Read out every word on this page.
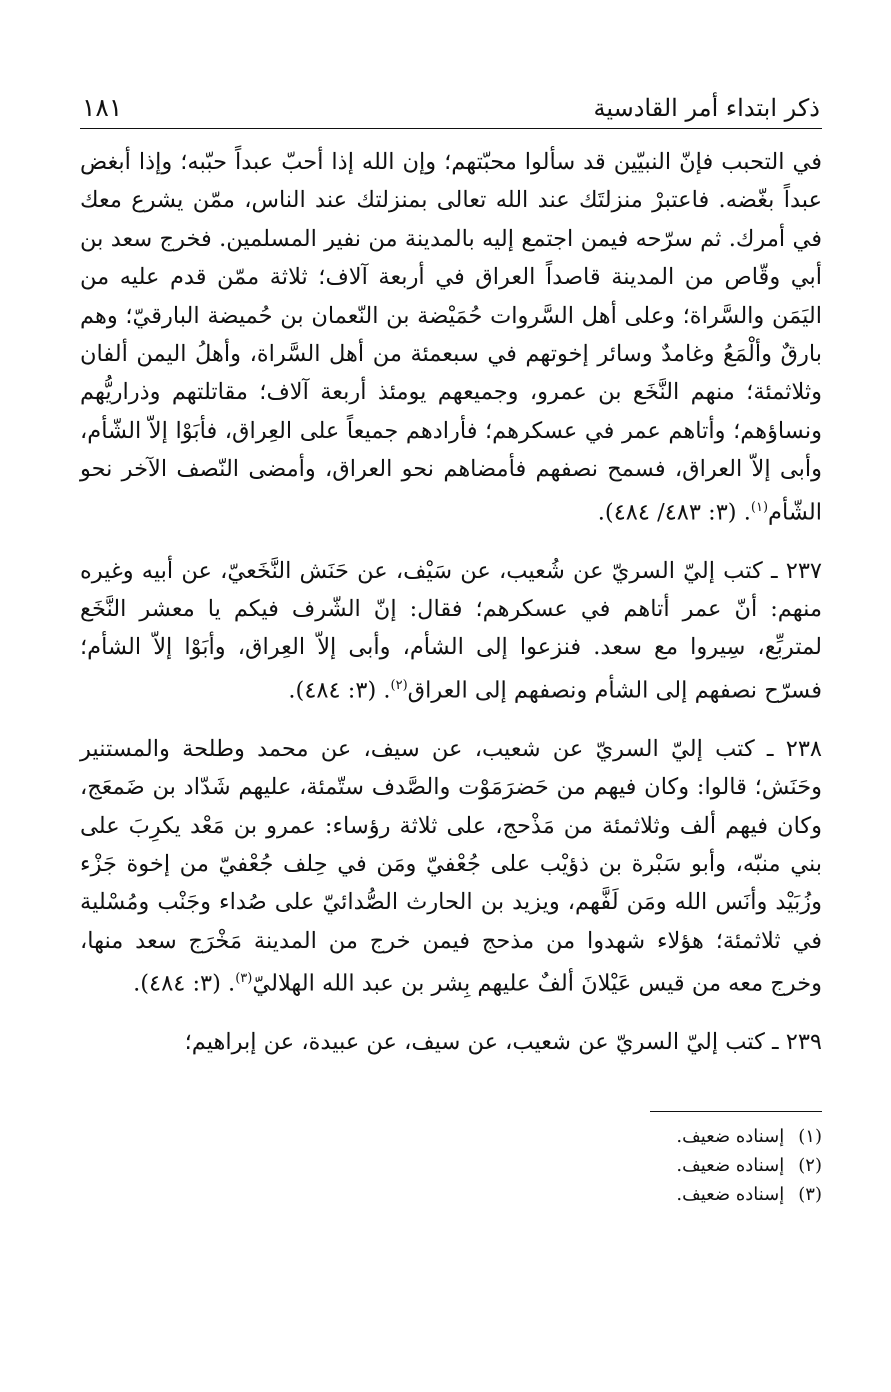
ذكر ابتداء أمر القادسية
١٨١

في التحبب فإنّ النبيّين قد سألوا محبّتهم؛ وإن الله إذا أحبّ عبداً حبّبه؛ وإذا أبغض عبداً بغّضه. فاعتبرْ منزلتَك عند الله تعالى بمنزلتك عند الناس، ممّن يشرع معك في أمرك. ثم سرّحه فيمن اجتمع إليه بالمدينة من نفير المسلمين. فخرج سعد بن أبي وقّاص من المدينة قاصداً العراق في أربعة آلاف؛ ثلاثة ممّن قدم عليه من اليَمَن والسَّراة؛ وعلى أهل السَّروات حُمَيْضة بن النّعمان بن حُميضة البارقيّ؛ وهم بارقٌ وألْمَعُ وغامدٌ وسائر إخوتهم في سبعمئة من أهل السَّراة، وأهلُ اليمن ألفان وثلاثمئة؛ منهم النَّخَع بن عمرو، وجميعهم يومئذ أربعة آلاف؛ مقاتلتهم وذراريُّهم ونساؤهم؛ وأتاهم عمر في عسكرهم؛ فأرادهم جميعاً على العِراق، فأبَوْا إلاّ الشّأم، وأبى إلاّ العراق، فسمح نصفهم فأمضاهم نحو العراق، وأمضى النّصف الآخر نحو الشّأم$^{(١)}$. (٣: ٤٨٣/ ٤٨٤).

٢٣٧ ـ كتب إليّ السريّ عن شُعيب، عن سَيْف، عن حَنَش النَّخَعيّ، عن أبيه وغيره منهم: أنّ عمر أتاهم في عسكرهم؛ فقال: إنّ الشّرف فيكم يا معشر النَّخَع لمتربِّع، سِيروا مع سعد. فنزعوا إلى الشأم، وأبى إلاّ العِراق، وأبَوْا إلاّ الشأم؛ فسرّح نصفهم إلى الشأم ونصفهم إلى العراق$^{(٢)}$. (٣: ٤٨٤).

٢٣٨ ـ كتب إليّ السريّ عن شعيب، عن سيف، عن محمد وطلحة والمستنير وحَنَش؛ قالوا: وكان فيهم من حَضرَمَوْت والصَّدف ستّمئة، عليهم شَدّاد بن ضَمعَج، وكان فيهم ألف وثلاثمئة من مَذْحج، على ثلاثة رؤساء: عمرو بن مَعْد يكرِبَ على بني منبّه، وأبو سَبْرة بن ذؤيْب على جُعْفيّ ومَن في حِلف جُعْفيّ من إخوة جَزْء وزُبَيْد وأنَس الله ومَن لَفَّهم، ويزيد بن الحارث الصُّدائيّ على صُداء وجَنْب ومُسْلية في ثلاثمئة؛ هؤلاء شهدوا من مذحج فيمن خرج من المدينة مَخْرَج سعد منها، وخرج معه من قيس عَيْلانَ ألفٌ عليهم بِشر بن عبد الله الهلاليّ$^{(٣)}$. (٣: ٤٨٤).

٢٣٩ ـ كتب إليّ السريّ عن شعيب، عن سيف، عن عبيدة، عن إبراهيم؛

(١)إسناده ضعيف.
(٢)إسناده ضعيف.
(٣)إسناده ضعيف.
